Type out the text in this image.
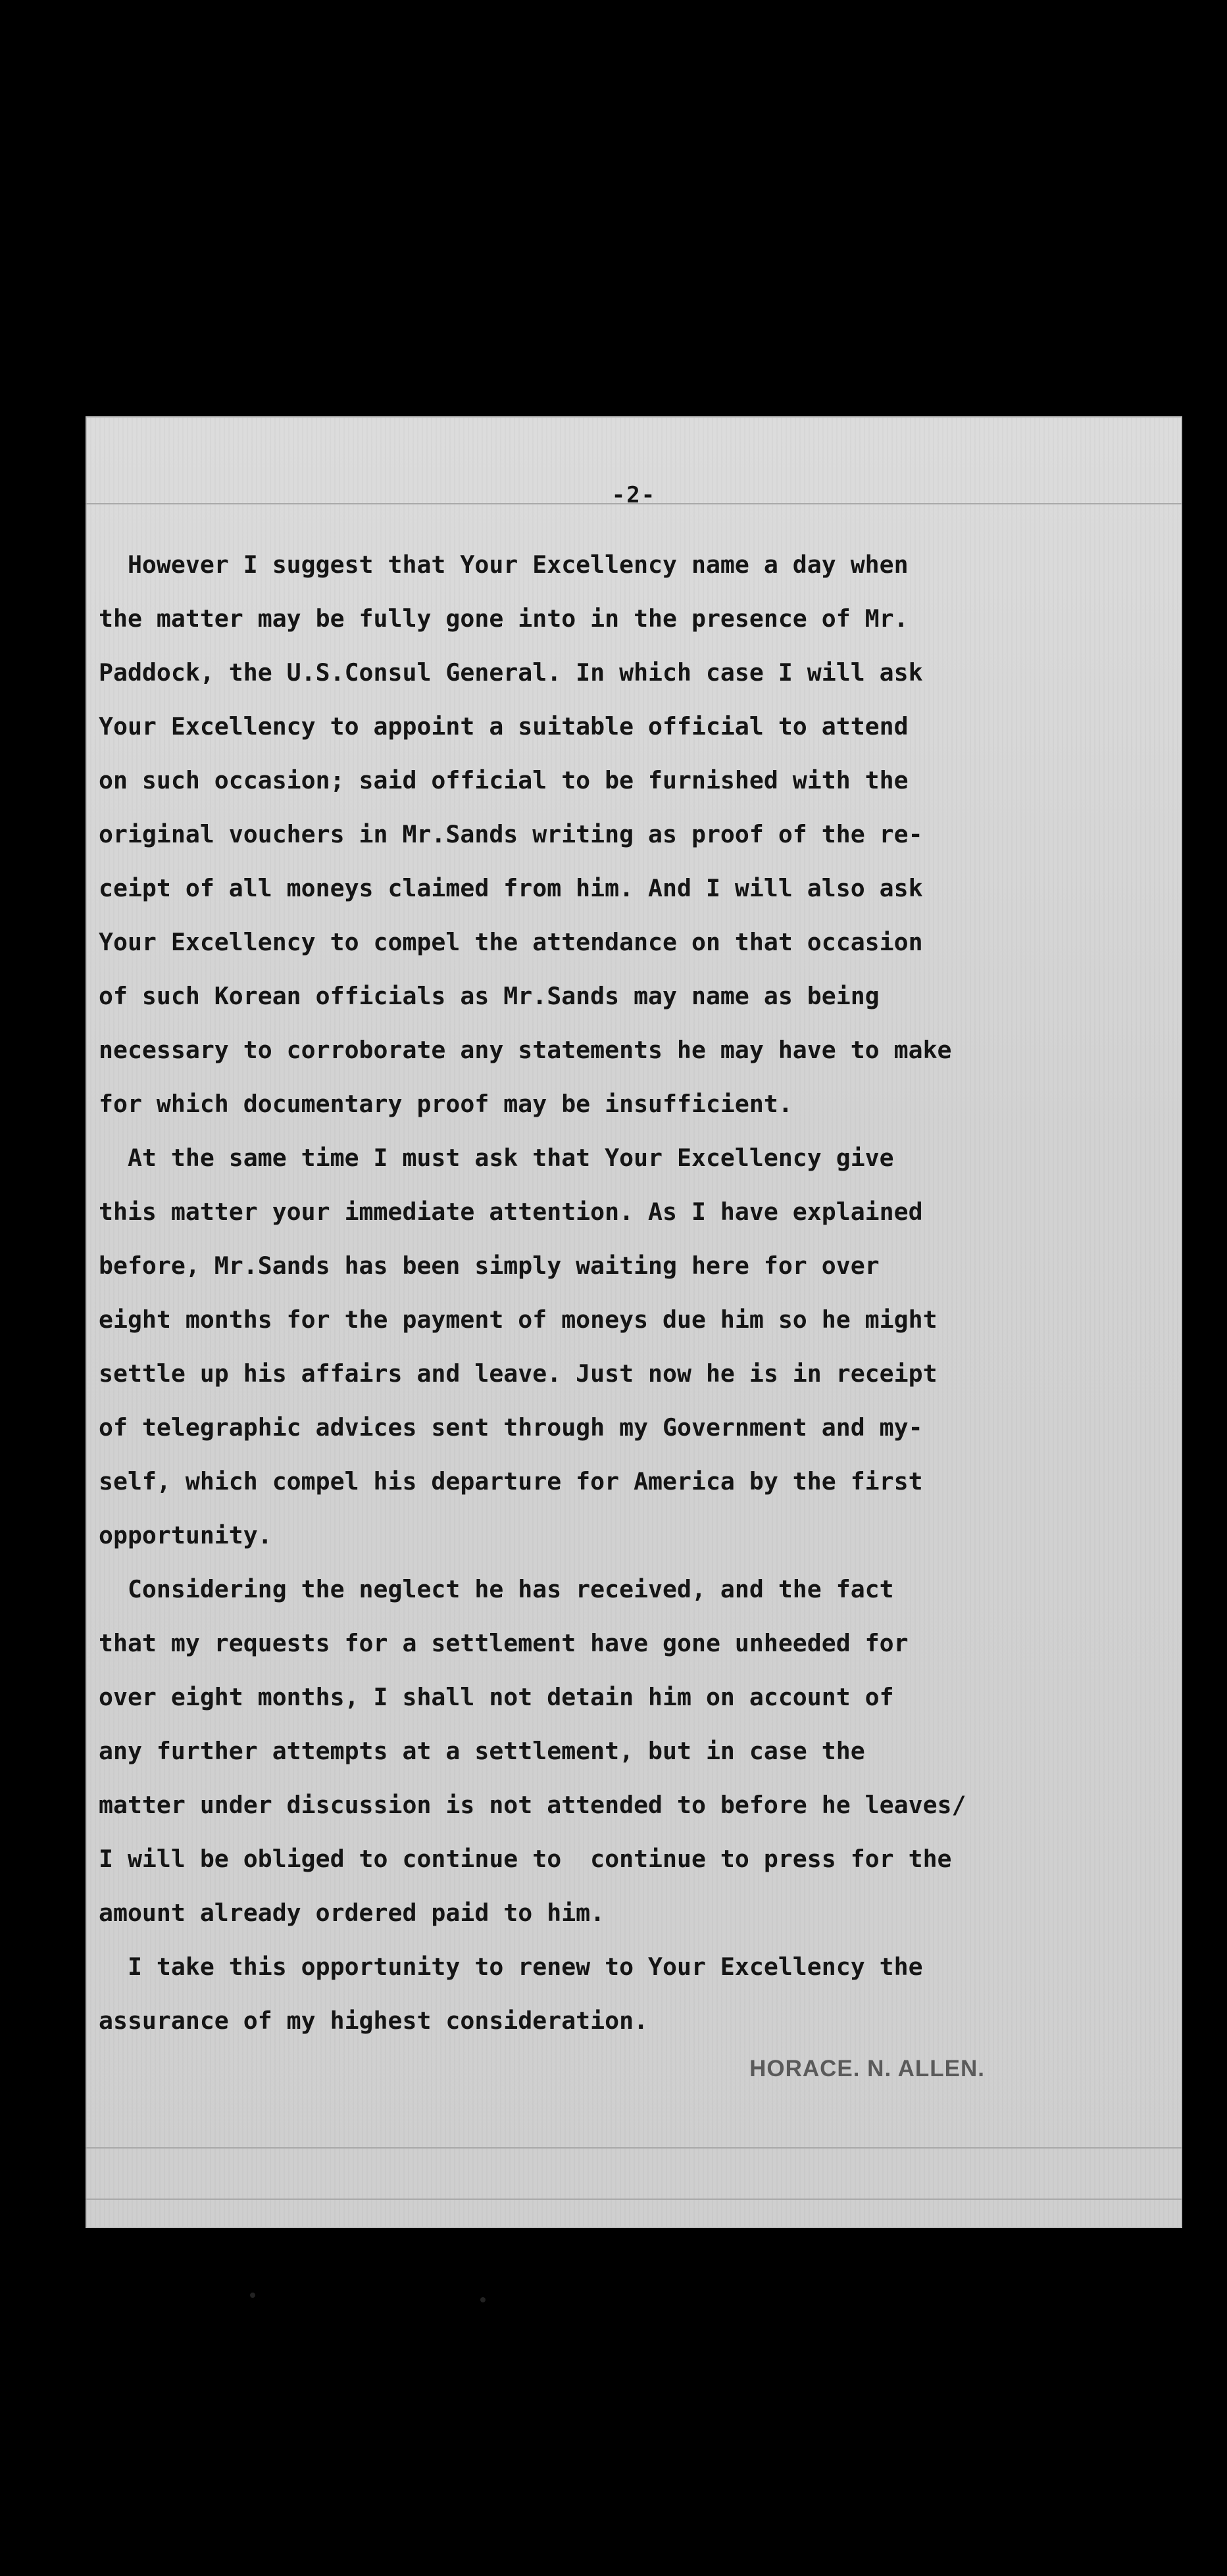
-2-

However I suggest that Your Excellency name a day when

the matter may be fully gone into in the presence of Mr.

Paddock, the U.S.Consul General. In which case I will ask

Your Excellency to appoint a suitable official to attend

on such occasion; said official to be furnished with the

original vouchers in Mr.Sands writing as proof of the re-

ceipt of all moneys claimed from him. And I will also ask

Your Excellency to compel the attendance on that occasion

of such Korean officials as Mr.Sands may name as being

necessary to corroborate any statements he may have to make

for which documentary proof may be insufficient.

At the same time I must ask that Your Excellency give

this matter your immediate attention. As I have explained

before, Mr.Sands has been simply waiting here for over

eight months for the payment of moneys due him so he might

settle up his affairs and leave. Just now he is in receipt

of telegraphic advices sent through my Government and my-

self, which compel his departure for America by the first

opportunity.

Considering the neglect he has received, and the fact

that my requests for a settlement have gone unheeded for

over eight months, I shall not detain him on account of

any further attempts at a settlement, but in case the

matter under discussion is not attended to before he leaves/

I will be obliged to continue to  continue to press for the

amount already ordered paid to him.

I take this opportunity to renew to Your Excellency the

assurance of my highest consideration.

HORACE. N. ALLEN.
